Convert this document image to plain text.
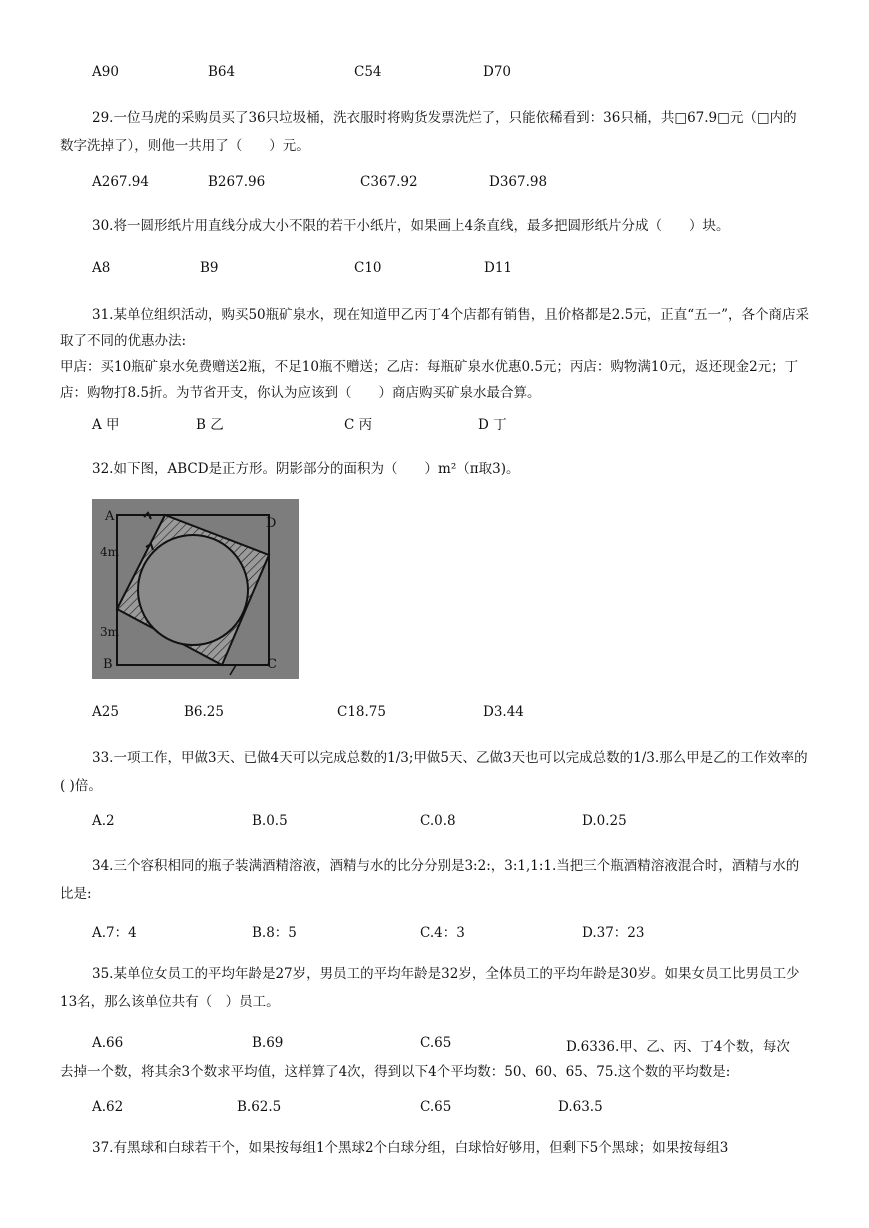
A90	B64	C54	D70

29.一位马虎的采购员买了36只垃圾桶，洗衣服时将购货发票洗烂了，只能依稀看到：36只桶，共□67.9□元（□内的数字洗掉了），则他一共用了（　　）元。

A267.94	B267.96	C367.92	D367.98

30.将一圆形纸片用直线分成大小不限的若干小纸片，如果画上4条直线，最多把圆形纸片分成（　　）块。

A8	B9	C10	D11

31.某单位组织活动，购买50瓶矿泉水，现在知道甲乙丙丁4个店都有销售，且价格都是2.5元，正直“五一”，各个商店采取了不同的优惠办法:

甲店：买10瓶矿泉水免费赠送2瓶，不足10瓶不赠送；乙店：每瓶矿泉水优惠0.5元；丙店：购物满10元，返还现金2元；丁店：购物打8.5折。为节省开支，你认为应该到（　　）商店购买矿泉水最合算。

A 甲	B 乙	C 丙	D 丁

32.如下图，ABCD是正方形。阴影部分的面积为（　　）m²（π取3)。

A	D
4m
3m
B	C
A25	B6.25	C18.75	D3.44

33.一项工作，甲做3天、已做4天可以完成总数的1/3;甲做5天、乙做3天也可以完成总数的1/3.那么甲是乙的工作效率的( )倍。

A.2	B.0.5	C.0.8	D.0.25

34.三个容积相同的瓶子装满酒精溶液，酒精与水的比分分别是3:2:，3:1,1:1.当把三个瓶酒精溶液混合时，酒精与水的比是:

A.7：4	B.8：5	C.4：3	D.37：23

35.某单位女员工的平均年龄是27岁，男员工的平均年龄是32岁，全体员工的平均年龄是30岁。如果女员工比男员工少13名，那么该单位共有（　）员工。

A.66	B.69	C.65	D.6336.甲、乙、丙、丁4个数，每次

去掉一个数，将其余3个数求平均值，这样算了4次，得到以下4个平均数：50、60、65、75.这个数的平均数是:

A.62	B.62.5	C.65	D.63.5

37.有黑球和白球若干个，如果按每组1个黑球2个白球分组，白球恰好够用，但剩下5个黑球；如果按每组3
